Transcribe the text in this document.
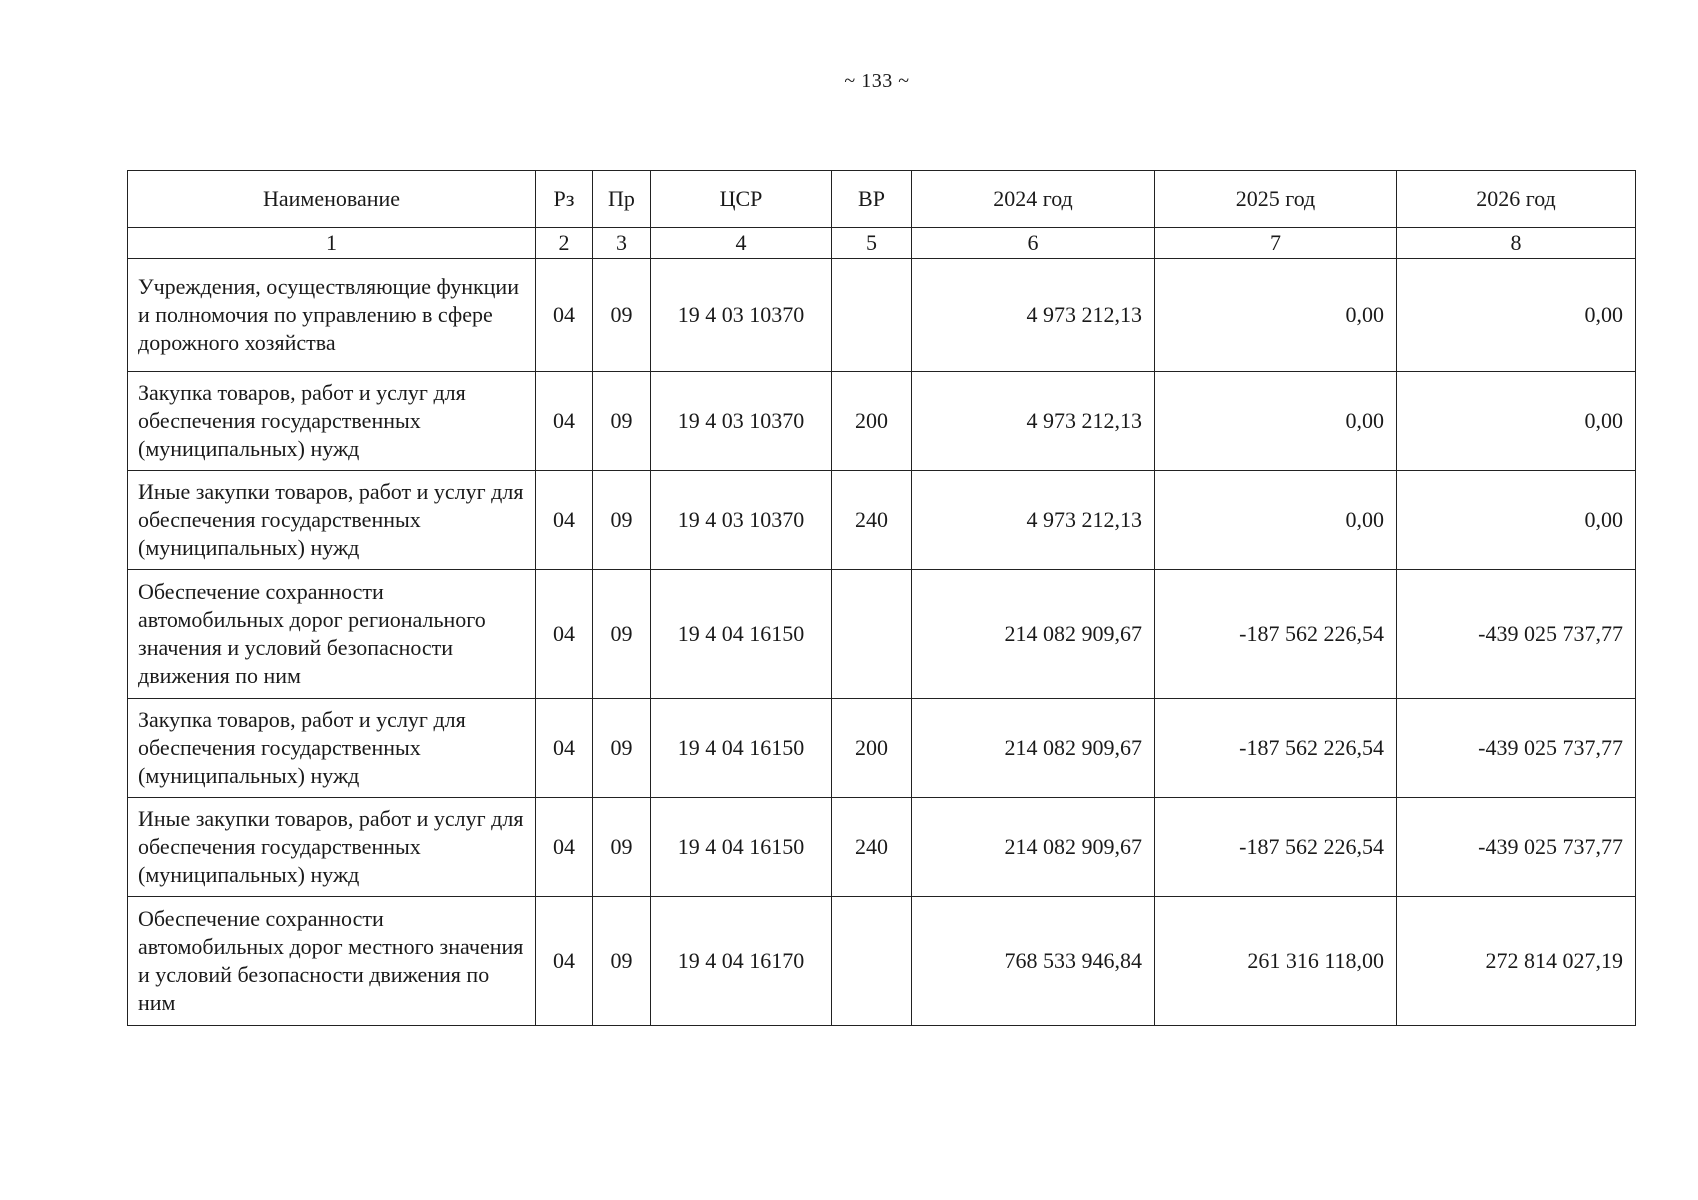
~ 133 ~
Наименование	Рз	Пр	ЦСР	ВР	2024 год	2025 год	2026 год
1	2	3	4	5	6	7	8
Учреждения, осуществляющие функции и полномочия по управлению в сфере дорожного хозяйства	04	09	19 4 03 10370		4 973 212,13	0,00	0,00
Закупка товаров, работ и услуг для обеспечения государственных (муниципальных) нужд	04	09	19 4 03 10370	200	4 973 212,13	0,00	0,00
Иные закупки товаров, работ и услуг для обеспечения государственных (муниципальных) нужд	04	09	19 4 03 10370	240	4 973 212,13	0,00	0,00
Обеспечение сохранности автомобильных дорог регионального значения и условий безопасности движения по ним	04	09	19 4 04 16150		214 082 909,67	-187 562 226,54	-439 025 737,77
Закупка товаров, работ и услуг для обеспечения государственных (муниципальных) нужд	04	09	19 4 04 16150	200	214 082 909,67	-187 562 226,54	-439 025 737,77
Иные закупки товаров, работ и услуг для обеспечения государственных (муниципальных) нужд	04	09	19 4 04 16150	240	214 082 909,67	-187 562 226,54	-439 025 737,77
Обеспечение сохранности автомобильных дорог местного значения и условий безопасности движения по ним	04	09	19 4 04 16170		768 533 946,84	261 316 118,00	272 814 027,19
